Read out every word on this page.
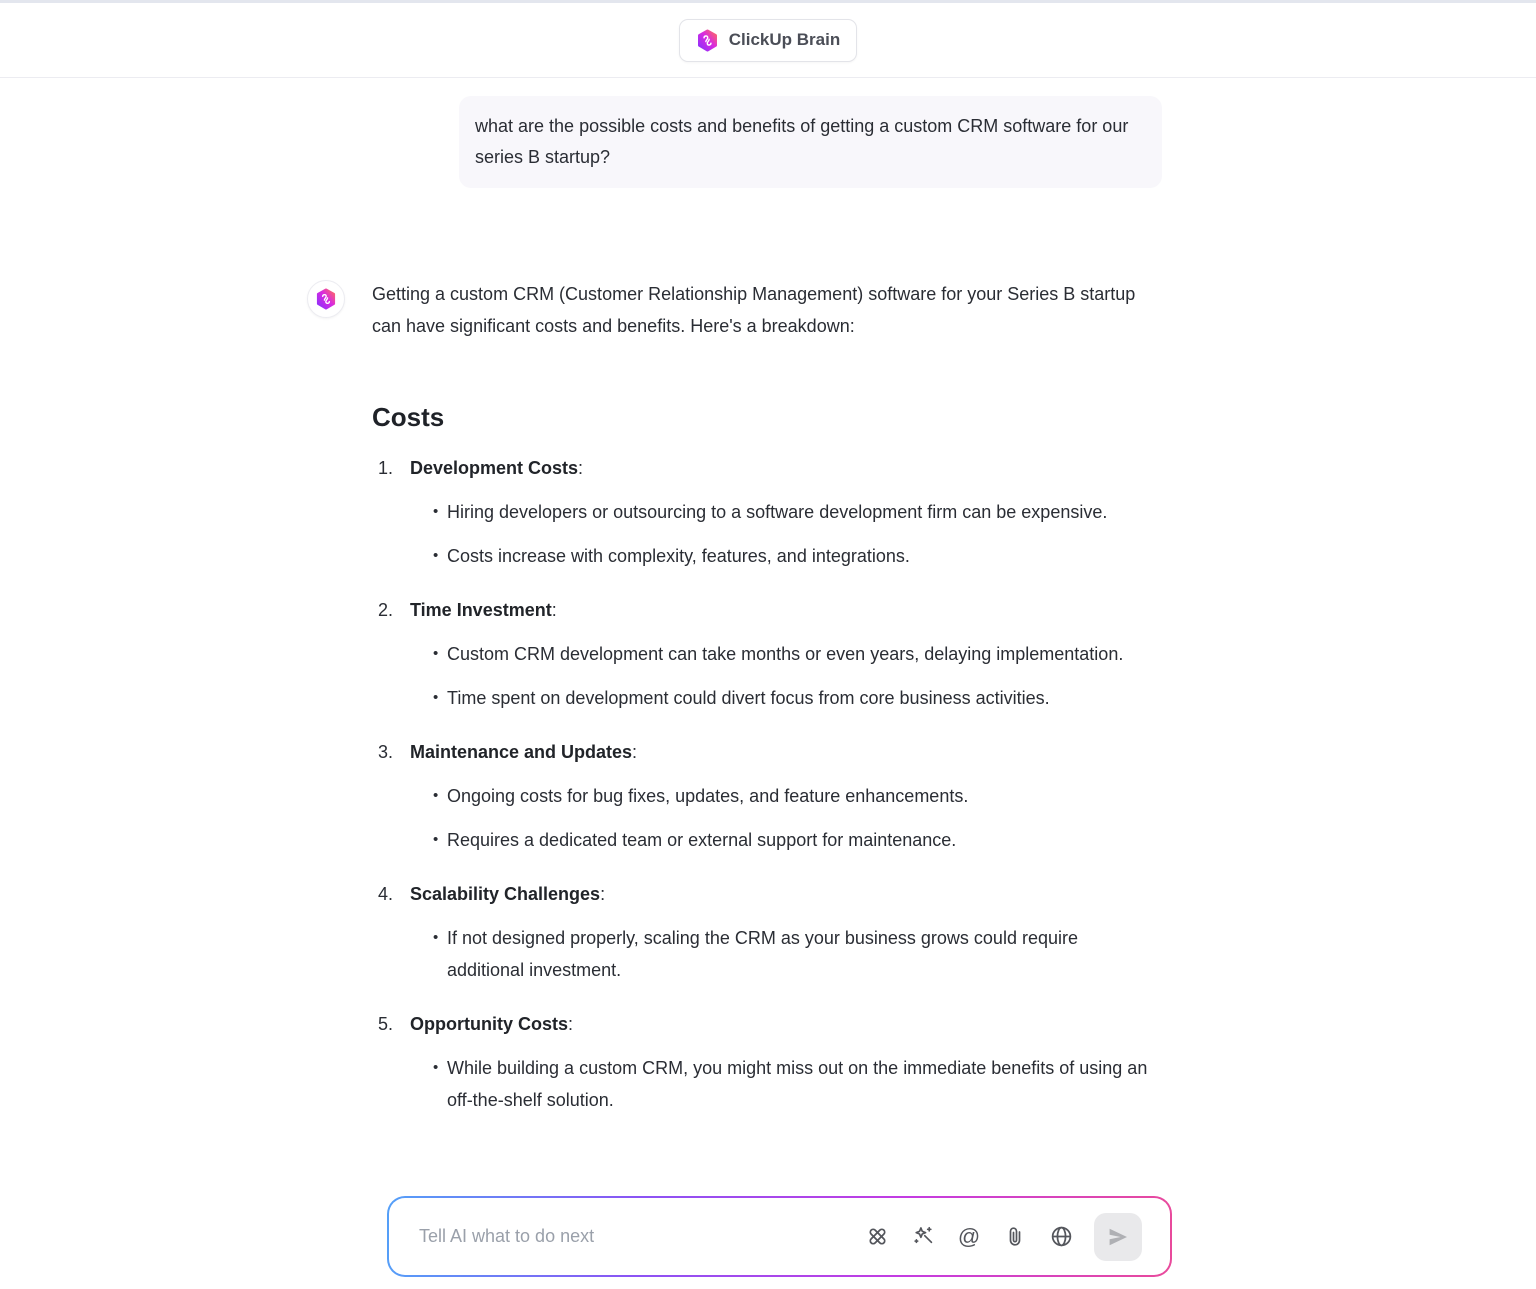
ClickUp Brain

what are the possible costs and benefits of getting a custom CRM software for our series B startup?

Getting a custom CRM (Customer Relationship Management) software for your Series B startup can have significant costs and benefits. Here's a breakdown:

Costs
1. Development Costs:

• Hiring developers or outsourcing to a software development firm can be expensive.
• Costs increase with complexity, features, and integrations.
2. Time Investment:

• Custom CRM development can take months or even years, delaying implementation.
• Time spent on development could divert focus from core business activities.
3. Maintenance and Updates:

• Ongoing costs for bug fixes, updates, and feature enhancements.
• Requires a dedicated team or external support for maintenance.
4. Scalability Challenges:

• If not designed properly, scaling the CRM as your business grows could require additional investment.
5. Opportunity Costs:

• While building a custom CRM, you might miss out on the immediate benefits of using an off-the-shelf solution.
Tell AI what to do next
@
